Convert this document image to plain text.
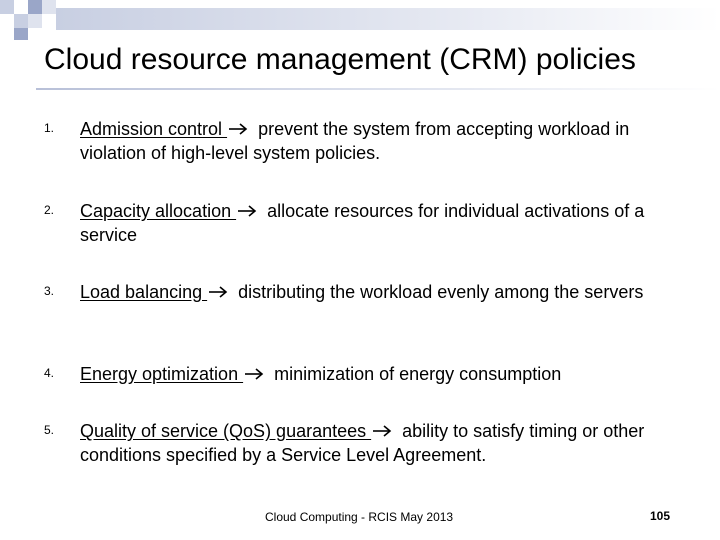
Cloud resource management (CRM) policies
1. Admission control  prevent the system from accepting workload in violation of high-level system policies.
2. Capacity allocation  allocate resources for individual activations of a service
3. Load balancing  distributing the workload evenly among the servers
4. Energy optimization  minimization of energy consumption
5. Quality of service (QoS) guarantees  ability to satisfy timing or other conditions specified by a Service Level Agreement.
Cloud Computing - RCIS May 2013	105
